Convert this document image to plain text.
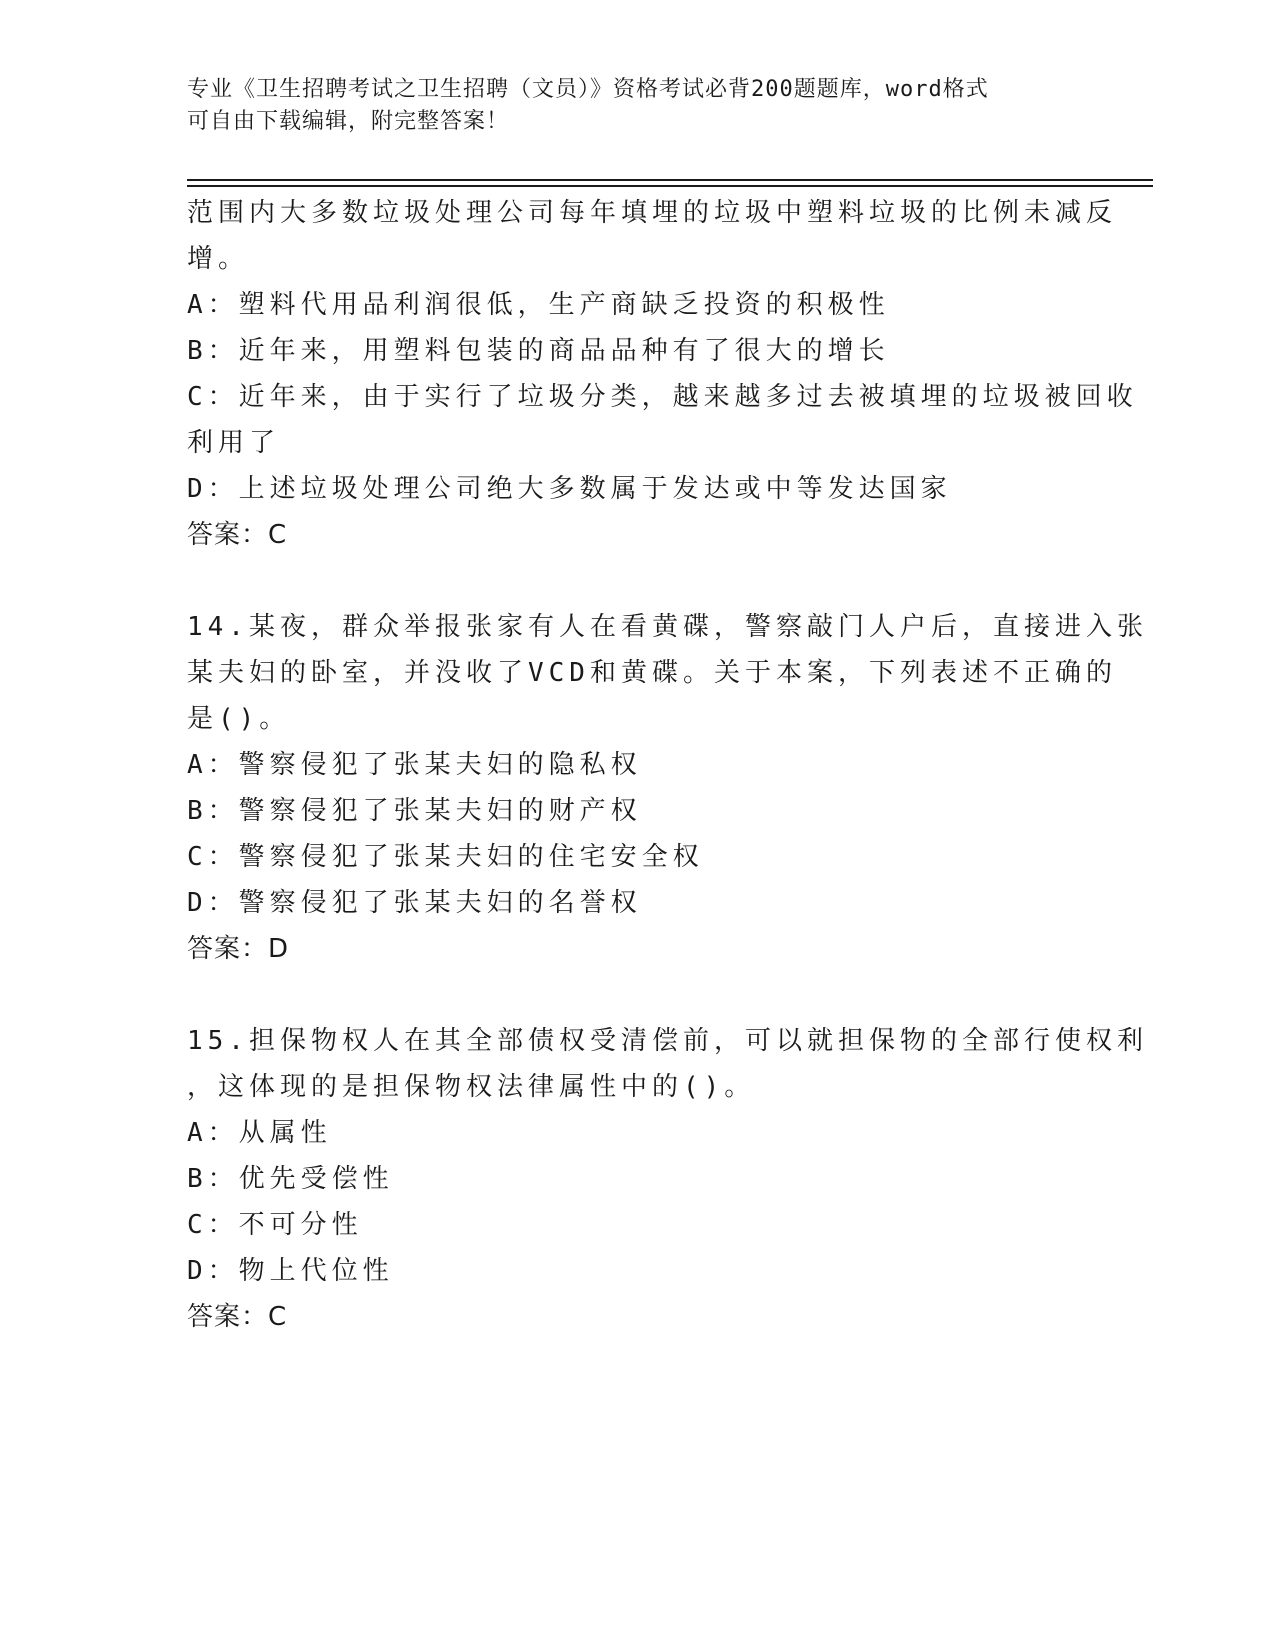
专业《卫生招聘考试之卫生招聘（文员）》资格考试必背200题题库，word格式
可自由下载编辑，附完整答案！
范围内大多数垃圾处理公司每年填埋的垃圾中塑料垃圾的比例未减反
增。
A：塑料代用品利润很低，生产商缺乏投资的积极性
B：近年来，用塑料包装的商品品种有了很大的增长
C：近年来，由于实行了垃圾分类，越来越多过去被填埋的垃圾被回收
利用了
D：上述垃圾处理公司绝大多数属于发达或中等发达国家
答案：C
14.某夜，群众举报张家有人在看黄碟，警察敲门人户后，直接进入张
某夫妇的卧室，并没收了VCD和黄碟。关于本案，下列表述不正确的
是()。
A：警察侵犯了张某夫妇的隐私权
B：警察侵犯了张某夫妇的财产权
C：警察侵犯了张某夫妇的住宅安全权
D：警察侵犯了张某夫妇的名誉权
答案：D
15.担保物权人在其全部债权受清偿前，可以就担保物的全部行使权利
，这体现的是担保物权法律属性中的()。
A：从属性
B：优先受偿性
C：不可分性
D：物上代位性
答案：C
